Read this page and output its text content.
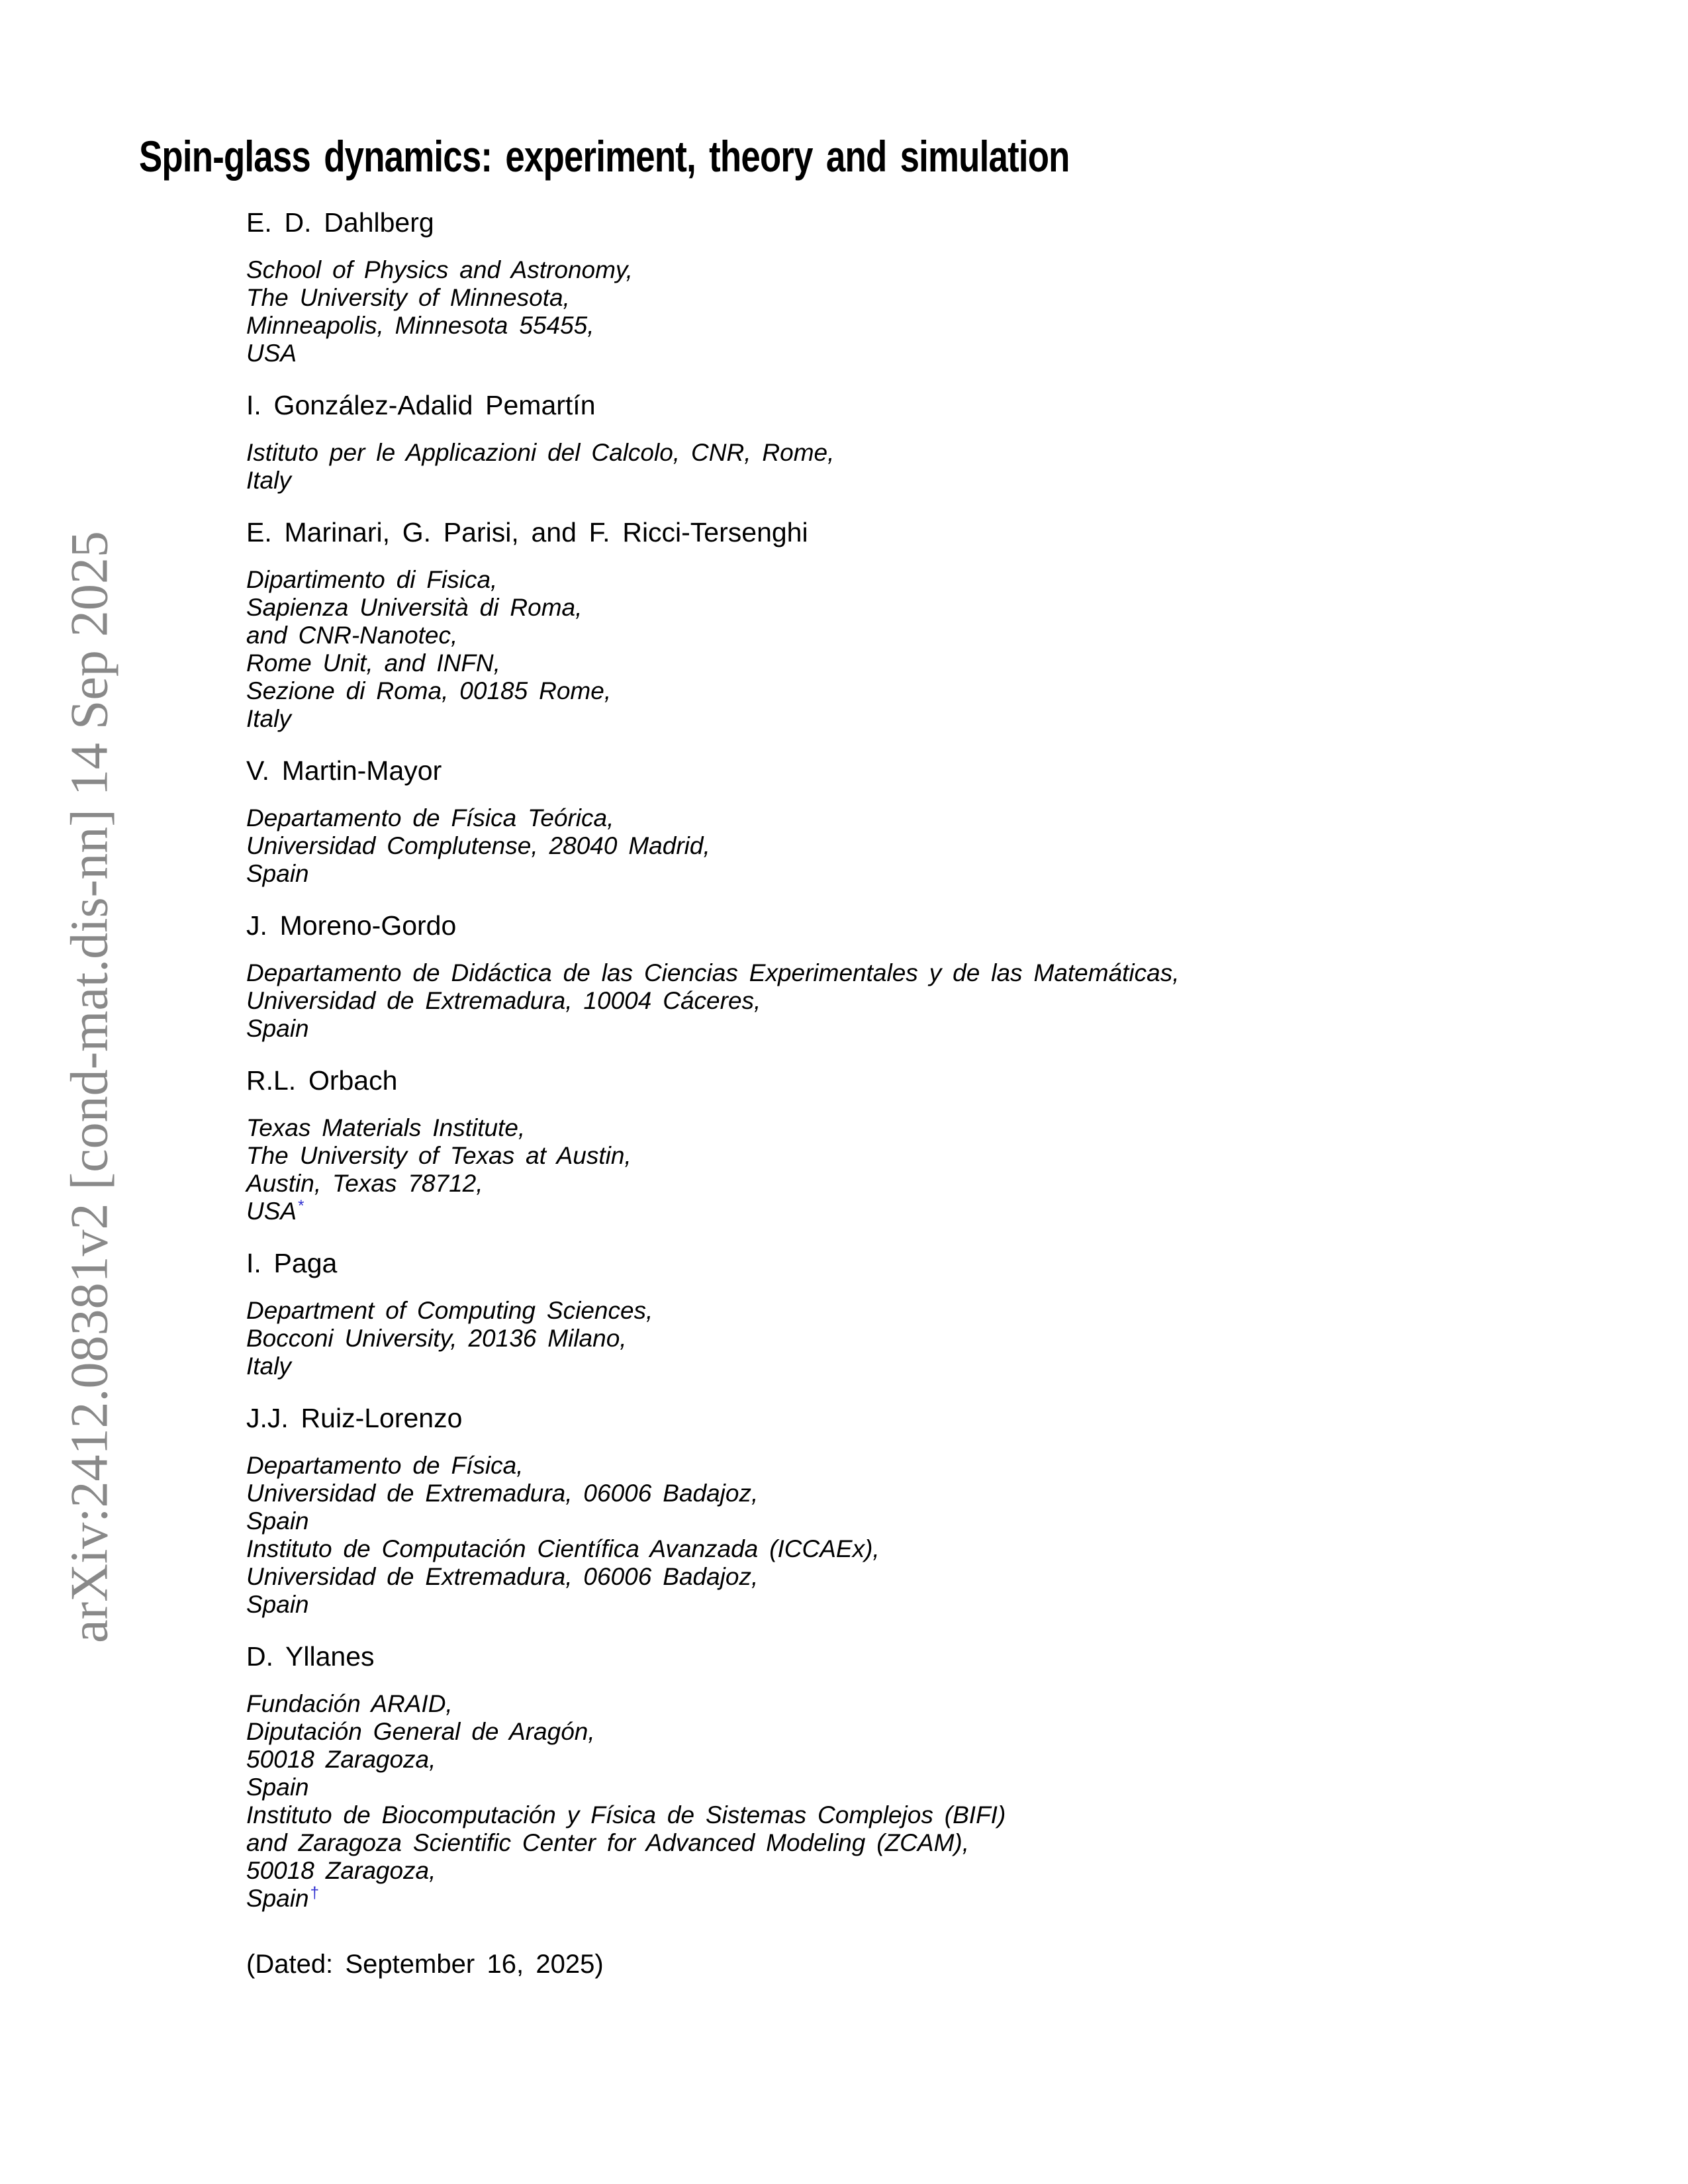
Spin-glass dynamics: experiment, theory and simulation
E. D. Dahlberg
School of Physics and Astronomy,
The University of Minnesota,
Minneapolis, Minnesota 55455,
USA
I. González-Adalid Pemartín
Istituto per le Applicazioni del Calcolo, CNR, Rome,
Italy
E. Marinari, G. Parisi, and F. Ricci-Tersenghi
Dipartimento di Fisica,
Sapienza Università di Roma,
and CNR-Nanotec,
Rome Unit, and INFN,
Sezione di Roma, 00185 Rome,
Italy
V. Martin-Mayor
Departamento de Física Teórica,
Universidad Complutense, 28040 Madrid,
Spain
J. Moreno-Gordo
Departamento de Didáctica de las Ciencias Experimentales y de las Matemáticas,
Universidad de Extremadura, 10004 Cáceres,
Spain
R.L. Orbach
Texas Materials Institute,
The University of Texas at Austin,
Austin, Texas 78712,
USA*
I. Paga
Department of Computing Sciences,
Bocconi University, 20136 Milano,
Italy
J.J. Ruiz-Lorenzo
Departamento de Física,
Universidad de Extremadura, 06006 Badajoz,
Spain
Instituto de Computación Científica Avanzada (ICCAEx),
Universidad de Extremadura, 06006 Badajoz,
Spain
D. Yllanes
Fundación ARAID,
Diputación General de Aragón,
50018 Zaragoza,
Spain
Instituto de Biocomputación y Física de Sistemas Complejos (BIFI)
and Zaragoza Scientific Center for Advanced Modeling (ZCAM),
50018 Zaragoza,
Spain†
(Dated: September 16, 2025)
arXiv:2412.08381v2 [cond-mat.dis-nn] 14 Sep 2025
